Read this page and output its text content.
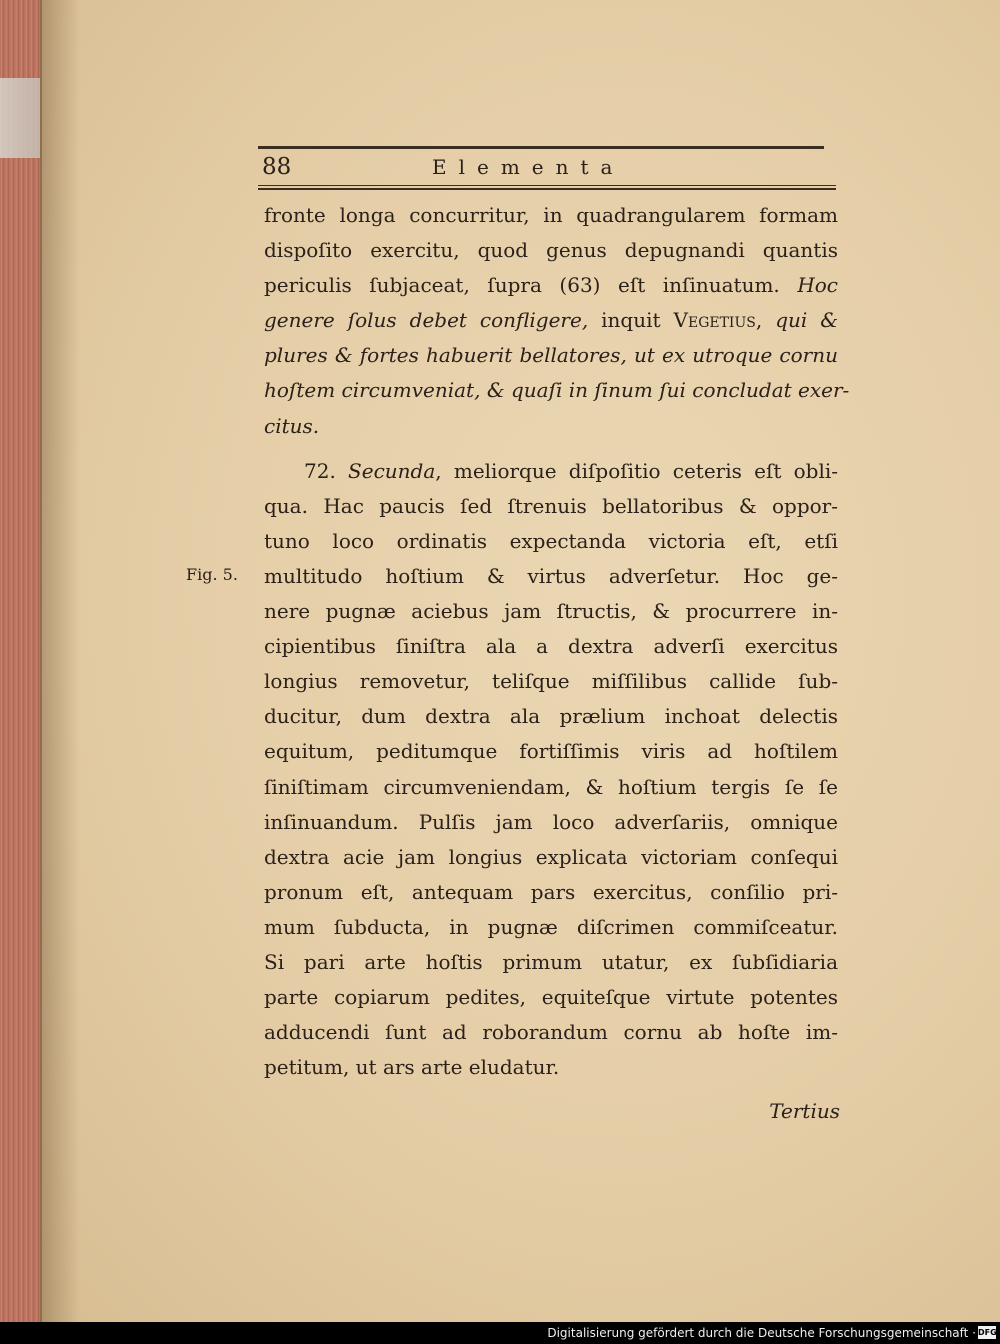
88	Elementa
Fig. 5.
fronte longa concurritur, in quadrangularem formam
dispoſito exercitu, quod genus depugnandi quantis
periculis ſubjaceat, ſupra (63) eſt inſinuatum. Hoc
genere ſolus debet confligere, inquit Vegetius, qui &
plures & fortes habuerit bellatores, ut ex utroque cornu
hoſtem circumveniat, & quaſi in ſinum ſui concludat exer-
citus.
72. Secunda, meliorque diſpoſitio ceteris eſt obli-
qua. Hac paucis ſed ſtrenuis bellatoribus & oppor-
tuno loco ordinatis expectanda victoria eſt, etſi
multitudo hoſtium & virtus adverſetur. Hoc ge-
nere pugnæ aciebus jam ſtructis, & procurrere in-
cipientibus ſiniſtra ala a dextra adverſi exercitus
longius removetur, teliſque miſſilibus callide ſub-
ducitur, dum dextra ala prælium inchoat delectis
equitum, peditumque fortiſſimis viris ad hoſtilem
ſiniſtimam circumveniendam, & hoſtium tergis ſe ſe
inſinuandum. Pulſis jam loco adverſariis, omnique
dextra acie jam longius explicata victoriam conſequi
pronum eſt, antequam pars exercitus, conſilio pri-
mum ſubducta, in pugnæ diſcrimen commiſceatur.
Si pari arte hoſtis primum utatur, ex ſubſidiaria
parte copiarum pedites, equiteſque virtute potentes
adducendi ſunt ad roborandum cornu ab hoſte im-
petitum, ut ars arte eludatur.
Tertius
Digitalisierung gefördert durch die Deutsche Forschungsgemeinschaft · DFG
